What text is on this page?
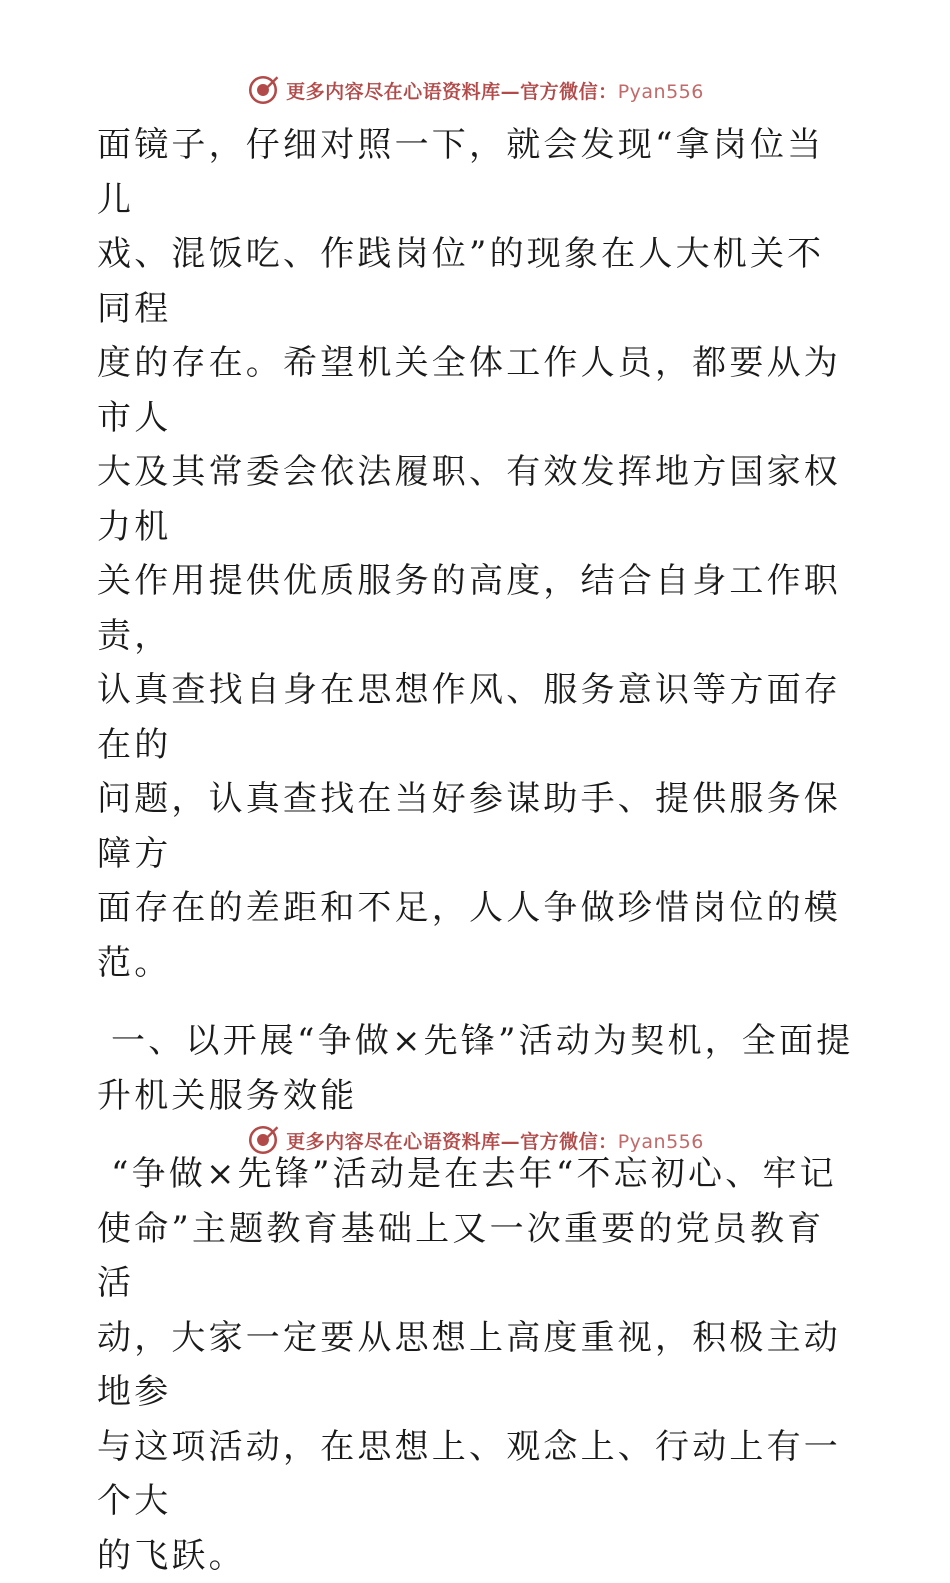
更多内容尽在心语资料库—官方微信：Pyan556

面镜子，仔细对照一下，就会发现“拿岗位当儿

戏、混饭吃、作践岗位”的现象在人大机关不同程

度的存在。希望机关全体工作人员，都要从为市人

大及其常委会依法履职、有效发挥地方国家权力机

关作用提供优质服务的高度，结合自身工作职责，

认真查找自身在思想作风、服务意识等方面存在的

问题，认真查找在当好参谋助手、提供服务保障方

面存在的差距和不足，人人争做珍惜岗位的模范。

一、以开展“争做×先锋”活动为契机，全面提

升机关服务效能

“争做×先锋”活动是在去年“不忘初心、牢记

使命”主题教育基础上又一次重要的党员教育活

动，大家一定要从思想上高度重视，积极主动地参

与这项活动，在思想上、观念上、行动上有一个大

的飞跃。

更多内容尽在心语资料库—官方微信：Pyan556
